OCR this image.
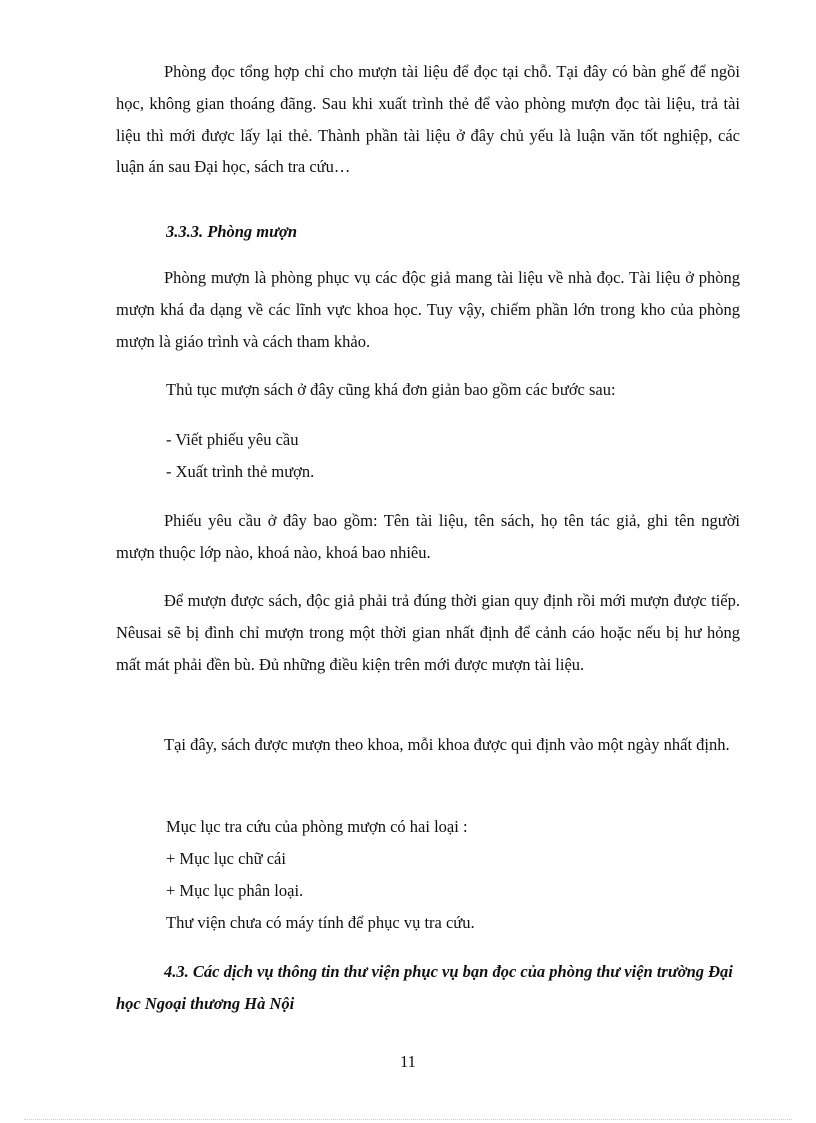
Phòng đọc tổng hợp chỉ cho mượn tài liệu để đọc tại chỗ. Tại đây có bàn ghế để ngồi học, không gian thoáng đãng. Sau khi xuất trình thẻ để vào phòng mượn đọc tài liệu, trả tài liệu thì mới được lấy lại thẻ. Thành phần tài liệu ở đây chủ yếu là luận văn tốt nghiệp, các luận án sau Đại học, sách tra cứu…

3.3.3. Phòng mượn

Phòng mượn là phòng phục vụ các độc giả mang tài liệu về nhà đọc. Tài liệu ở phòng mượn khá đa dạng về các lĩnh vực khoa học. Tuy vậy, chiếm phần lớn trong kho của phòng mượn là giáo trình và cách tham khảo.

Thủ tục mượn sách ở đây cũng khá đơn giản bao gồm các bước sau:
- Viết phiếu yêu cầu
- Xuất trình thẻ mượn.

Phiếu yêu cầu ở đây bao gồm: Tên tài liệu, tên sách, họ tên tác giả, ghi tên người mượn thuộc lớp nào, khoá nào, khoá bao nhiêu.

Để mượn được sách, độc giả phải trả đúng thời gian quy định rồi mới mượn được tiếp. Nêusai sẽ bị đình chỉ mượn trong một thời gian nhất định để cảnh cáo hoặc nếu bị hư hỏng mất mát phải đền bù. Đủ những điều kiện trên mới được mượn tài liệu.

Tại đây, sách được mượn theo khoa, mỗi khoa được qui định vào một ngày nhất định.

Mục lục tra cứu của phòng mượn có hai loại :
+ Mục lục chữ cái
+ Mục lục phân loại.
Thư viện chưa có máy tính để phục vụ tra cứu.

4.3. Các dịch vụ thông tin thư viện phục vụ bạn đọc của phòng thư viện trường Đại học Ngoại thương Hà Nội

11
